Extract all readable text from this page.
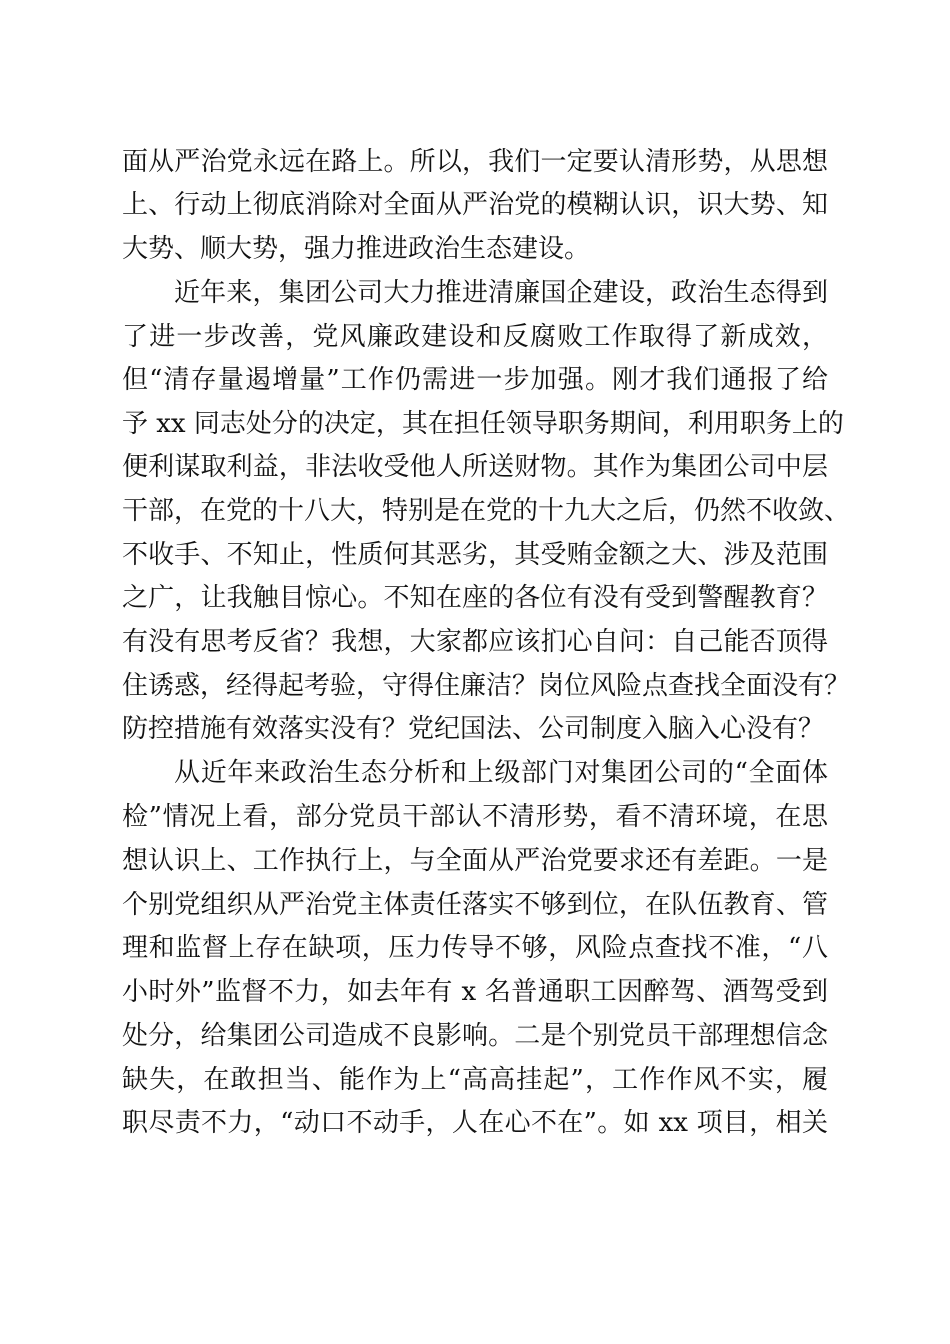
面从严治党永远在路上。所以，我们一定要认清形势，从思想
上、行动上彻底消除对全面从严治党的模糊认识，识大势、知
大势、顺大势，强力推进政治生态建设。
近年来，集团公司大力推进清廉国企建设，政治生态得到
了进一步改善，党风廉政建设和反腐败工作取得了新成效，
但“清存量遏增量”工作仍需进一步加强。刚才我们通报了给
予 xx 同志处分的决定，其在担任领导职务期间，利用职务上的
便利谋取利益，非法收受他人所送财物。其作为集团公司中层
干部，在党的十八大，特别是在党的十九大之后，仍然不收敛、
不收手、不知止，性质何其恶劣，其受贿金额之大、涉及范围
之广，让我触目惊心。不知在座的各位有没有受到警醒教育？
有没有思考反省？我想，大家都应该扪心自问：自己能否顶得
住诱惑，经得起考验，守得住廉洁？岗位风险点查找全面没有？
防控措施有效落实没有？党纪国法、公司制度入脑入心没有？
从近年来政治生态分析和上级部门对集团公司的“全面体
检”情况上看，部分党员干部认不清形势，看不清环境，在思
想认识上、工作执行上，与全面从严治党要求还有差距。一是
个别党组织从严治党主体责任落实不够到位，在队伍教育、管
理和监督上存在缺项，压力传导不够，风险点查找不准，“八
小时外”监督不力，如去年有 x 名普通职工因醉驾、酒驾受到
处分，给集团公司造成不良影响。二是个别党员干部理想信念
缺失，在敢担当、能作为上“高高挂起”，工作作风不实，履
职尽责不力，“动口不动手，人在心不在”。如 xx 项目，相关
